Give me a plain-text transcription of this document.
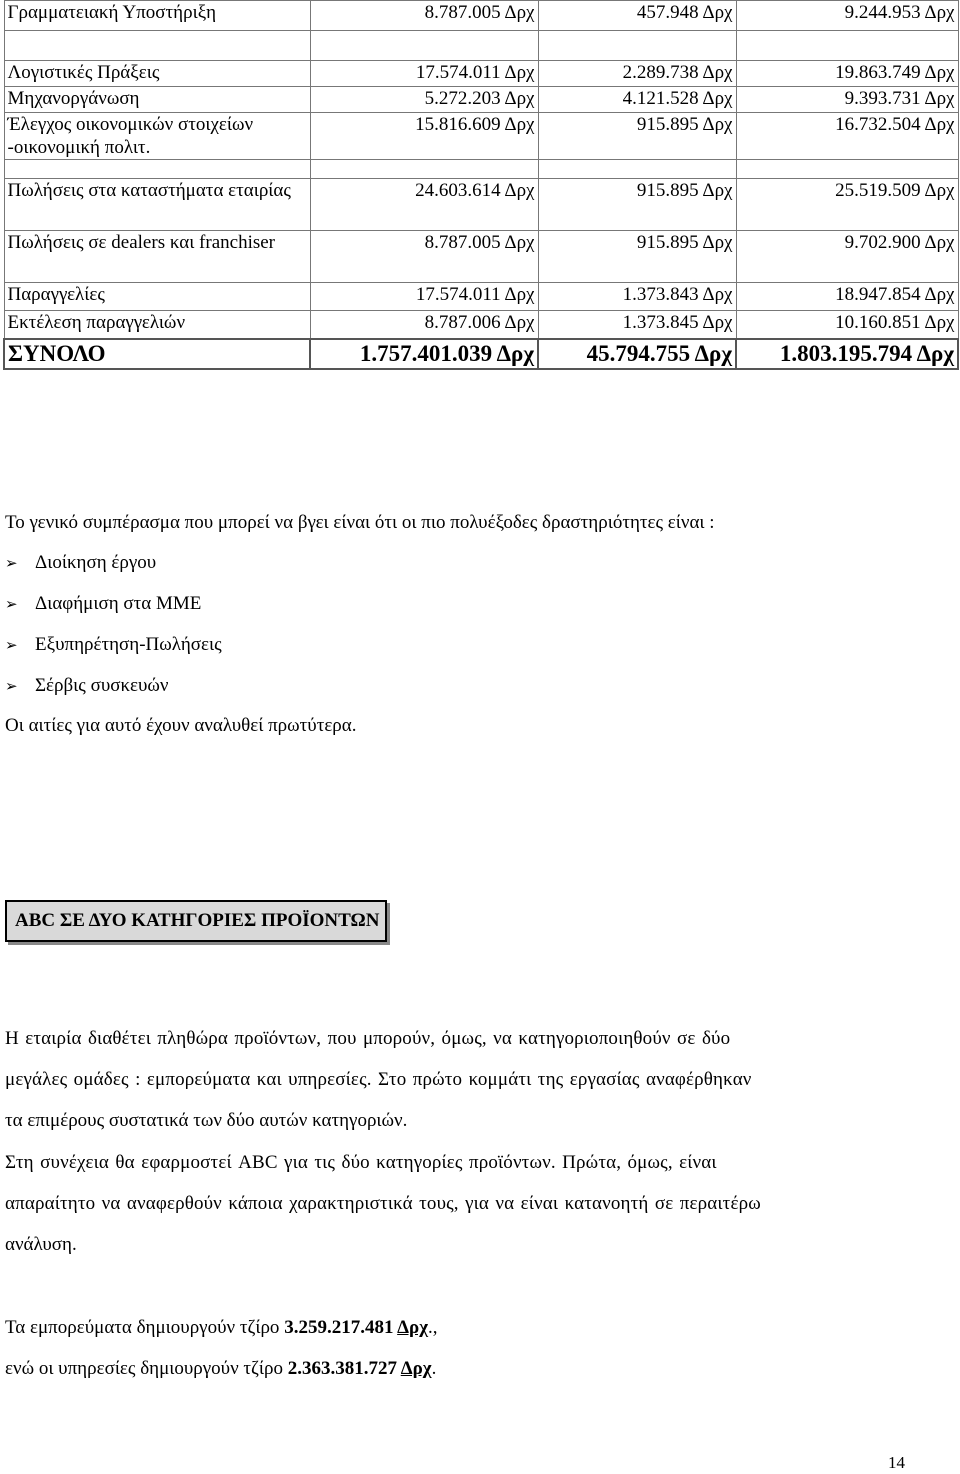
Γραμματειακή Υποστήριξη	8.787.005 Δρχ	457.948 Δρχ	9.244.953 Δρχ

Λογιστικές Πράξεις	17.574.011 Δρχ	2.289.738 Δρχ	19.863.749 Δρχ
Μηχανοργάνωση	5.272.203 Δρχ	4.121.528 Δρχ	9.393.731 Δρχ
Έλεγχος οικονομικών στοιχείων -οικονομική πολιτ.	15.816.609 Δρχ	915.895 Δρχ	16.732.504 Δρχ

Πωλήσεις στα καταστήματα εταιρίας	24.603.614 Δρχ	915.895 Δρχ	25.519.509 Δρχ
Πωλήσεις σε dealers και franchiser	8.787.005 Δρχ	915.895 Δρχ	9.702.900 Δρχ
Παραγγελίες	17.574.011 Δρχ	1.373.843 Δρχ	18.947.854 Δρχ
Εκτέλεση παραγγελιών	8.787.006 Δρχ	1.373.845 Δρχ	10.160.851 Δρχ
ΣΥΝΟΛΟ	1.757.401.039 Δρχ	45.794.755 Δρχ	1.803.195.794 Δρχ

Το γενικό συμπέρασμα που μπορεί να βγει είναι ότι οι πιο πολυέξοδες δραστηριότητες είναι :

➢ Διοίκηση έργου
➢ Διαφήμιση στα ΜΜΕ
➢ Εξυπηρέτηση-Πωλήσεις
➢ Σέρβις συσκευών

Οι αιτίες για αυτό έχουν αναλυθεί πρωτύτερα.

ABC ΣΕ ΔΥΟ ΚΑΤΗΓΟΡΙΕΣ ΠΡΟΪΟΝΤΩΝ

Η εταιρία διαθέτει πληθώρα προϊόντων, που μπορούν, όμως, να κατηγοριοποιηθούν σε δύο

μεγάλες ομάδες : εμπορεύματα και υπηρεσίες. Στο πρώτο κομμάτι της εργασίας αναφέρθηκαν

τα επιμέρους συστατικά των δύο αυτών κατηγοριών.

Στη συνέχεια θα εφαρμοστεί ABC για τις δύο κατηγορίες προϊόντων. Πρώτα, όμως, είναι

απαραίτητο να αναφερθούν κάποια χαρακτηριστικά τους, για να είναι κατανοητή σε περαιτέρω

ανάλυση.

Τα εμπορεύματα δημιουργούν τζίρο 3.259.217.481 Δρχ.,

ενώ οι υπηρεσίες δημιουργούν τζίρο 2.363.381.727 Δρχ.

14
